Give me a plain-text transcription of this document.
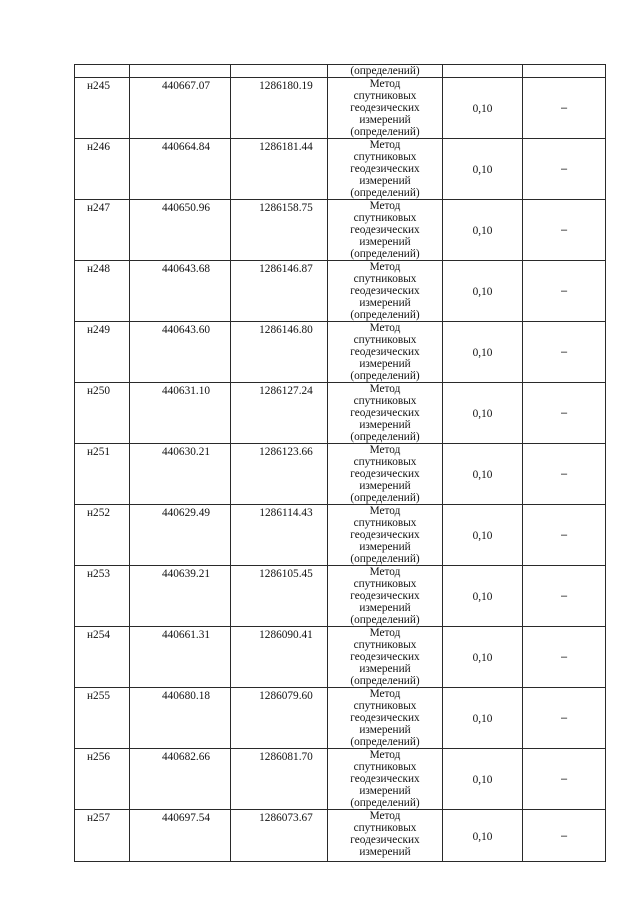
			(определений)		
н245	440667.07	1286180.19	Метод
спутниковых
геодезических
измерений
(определений)	0,10	–
н246	440664.84	1286181.44	Метод
спутниковых
геодезических
измерений
(определений)	0,10	–
н247	440650.96	1286158.75	Метод
спутниковых
геодезических
измерений
(определений)	0,10	–
н248	440643.68	1286146.87	Метод
спутниковых
геодезических
измерений
(определений)	0,10	–
н249	440643.60	1286146.80	Метод
спутниковых
геодезических
измерений
(определений)	0,10	–
н250	440631.10	1286127.24	Метод
спутниковых
геодезических
измерений
(определений)	0,10	–
н251	440630.21	1286123.66	Метод
спутниковых
геодезических
измерений
(определений)	0,10	–
н252	440629.49	1286114.43	Метод
спутниковых
геодезических
измерений
(определений)	0,10	–
н253	440639.21	1286105.45	Метод
спутниковых
геодезических
измерений
(определений)	0,10	–
н254	440661.31	1286090.41	Метод
спутниковых
геодезических
измерений
(определений)	0,10	–
н255	440680.18	1286079.60	Метод
спутниковых
геодезических
измерений
(определений)	0,10	–
н256	440682.66	1286081.70	Метод
спутниковых
геодезических
измерений
(определений)	0,10	–
н257	440697.54	1286073.67	Метод
спутниковых
геодезических
измерений	0,10	–
